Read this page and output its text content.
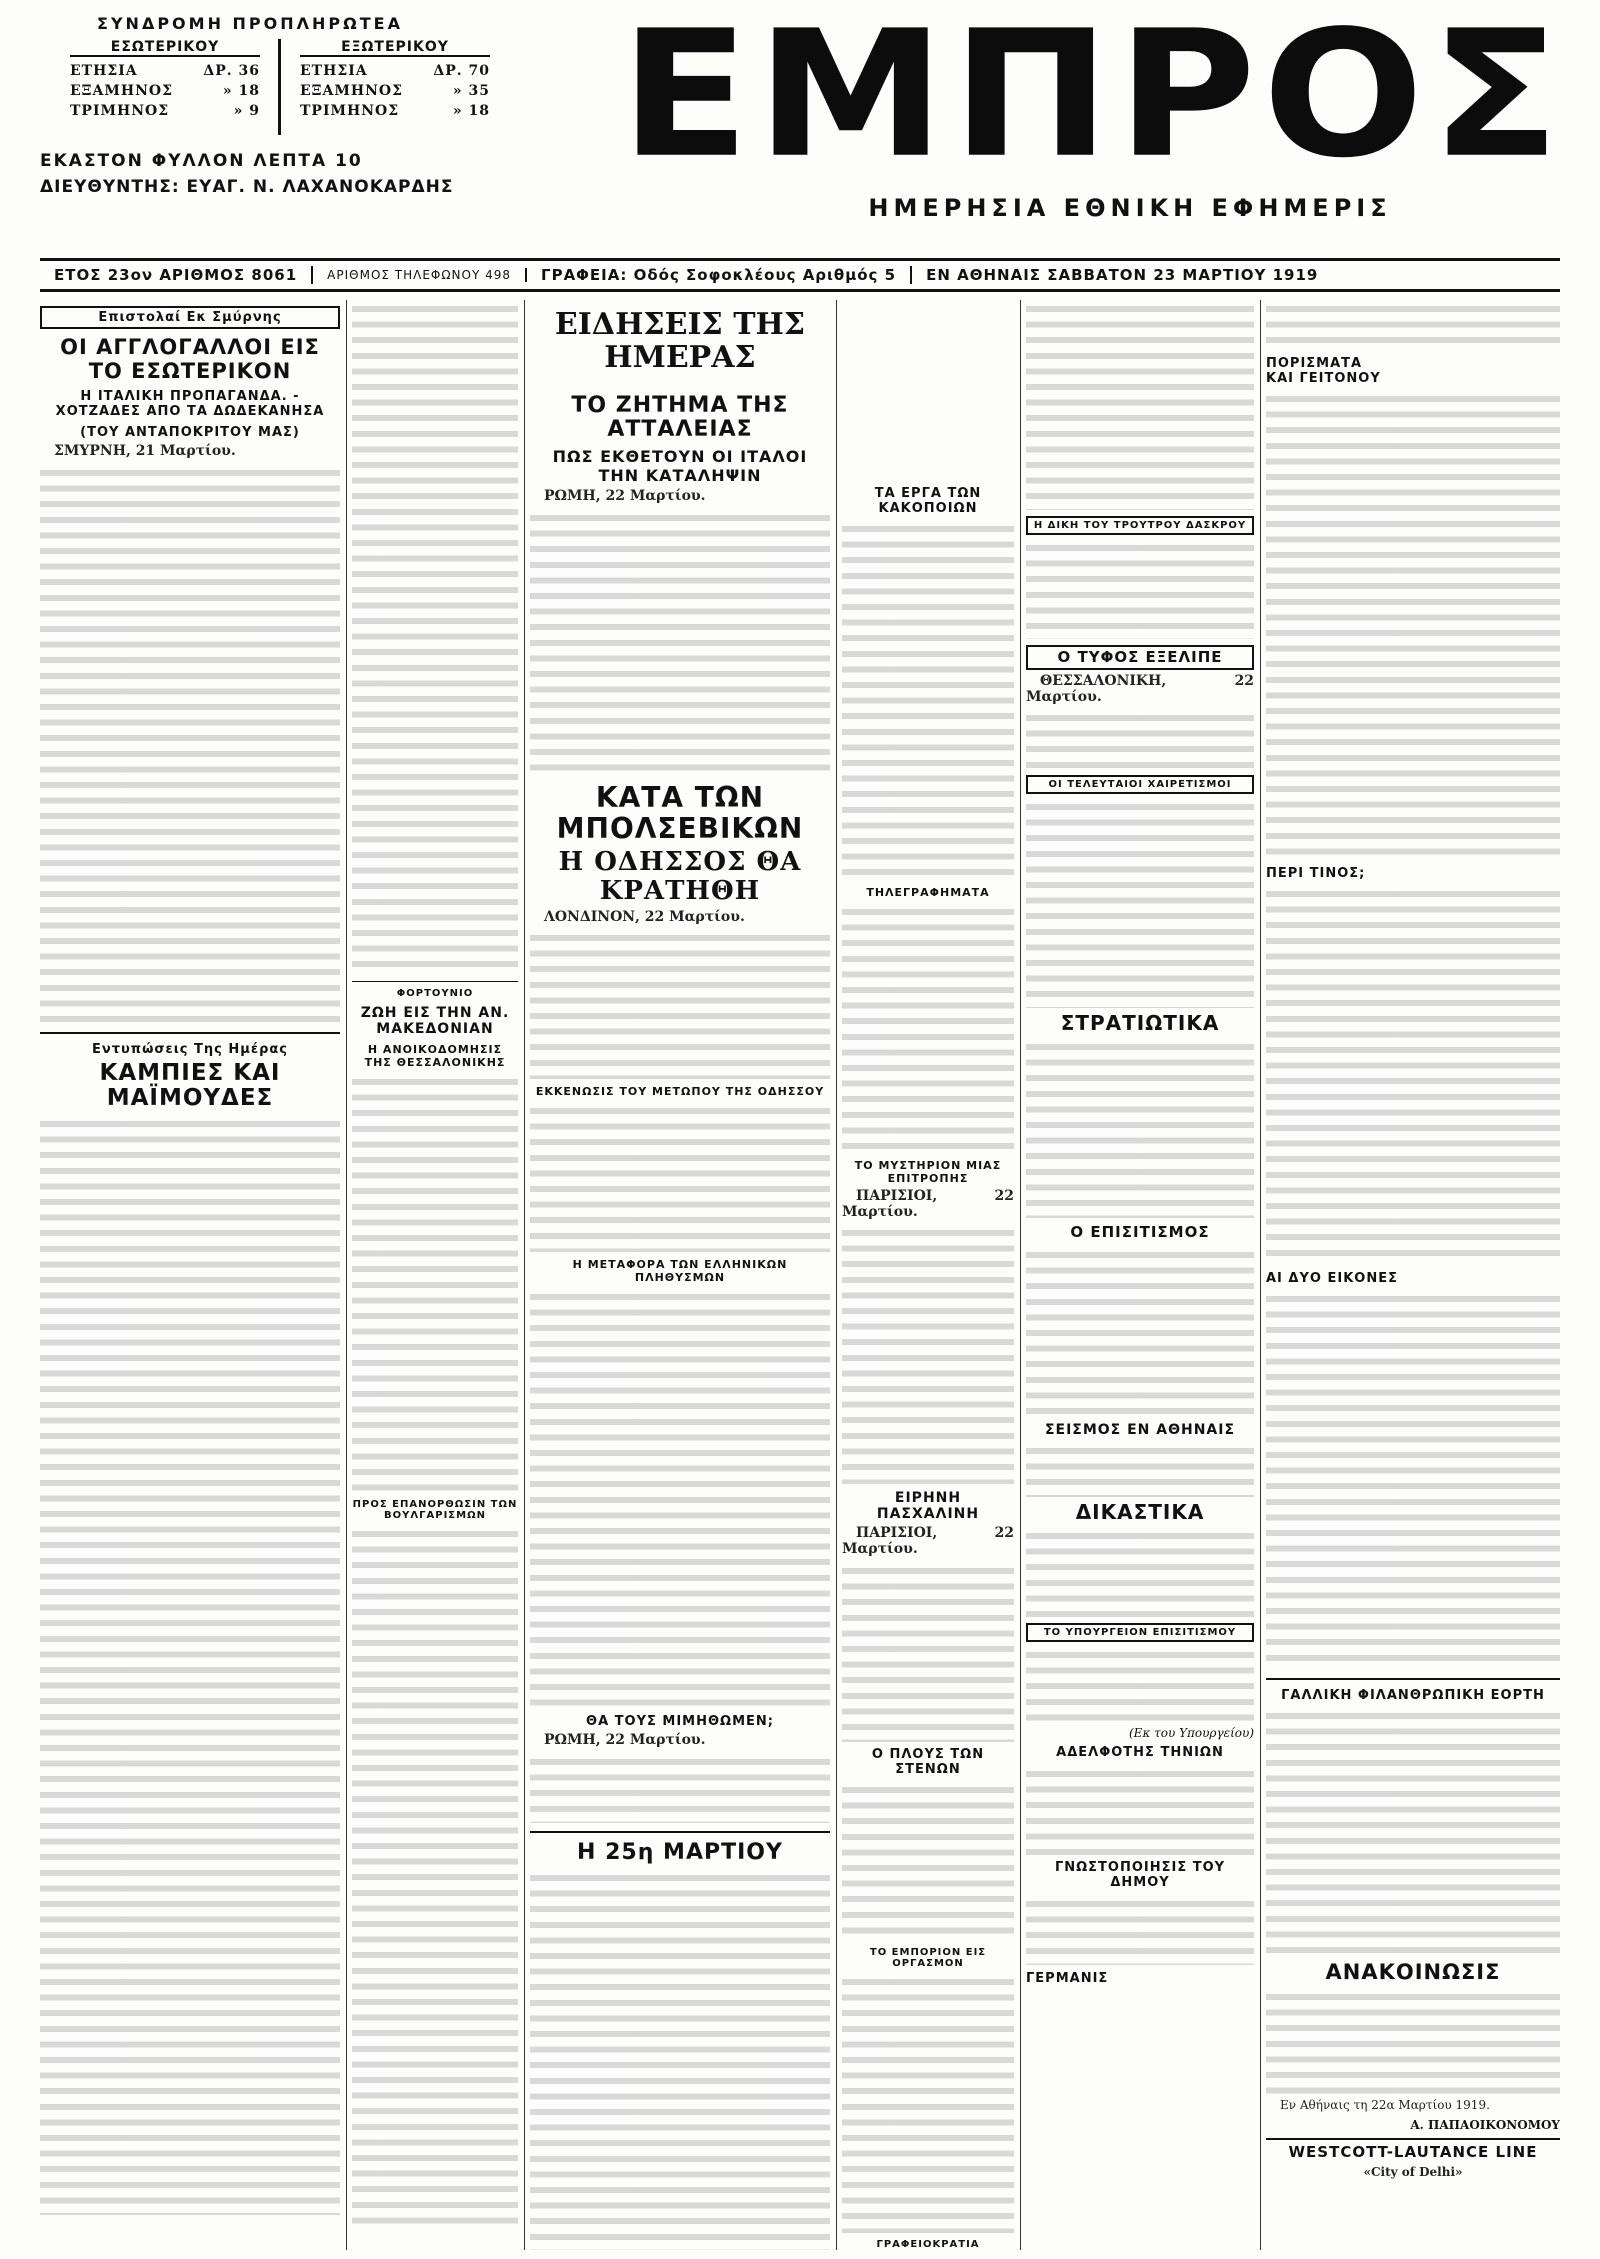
ΣΥΝΔΡΟΜΗ ΠΡΟΠΛΗΡΩΤΕΑ
ΕΣΩΤΕΡΙΚΟΥ
ΕΤΗΣΙΑ	ΔΡ. 36
ΕΞΑΜΗΝΟΣ	» 18
ΤΡΙΜΗΝΟΣ	» 9
ΕΞΩΤΕΡΙΚΟΥ
ΕΤΗΣΙΑ	ΔΡ. 70
ΕΞΑΜΗΝΟΣ	» 35
ΤΡΙΜΗΝΟΣ	» 18
ΕΚΑΣΤΟΝ ΦΥΛΛΟΝ ΛΕΠΤΑ 10
ΔΙΕΥΘΥΝΤΗΣ: ΕΥΑΓ. Ν. ΛΑΧΑΝΟΚΑΡΔΗΣ Ε Μ Π Ρ Ο Σ
ΗΜΕΡΗΣΙΑ ΕΘΝΙΚΗ ΕΦΗΜΕΡΙΣ
ΕΤΟΣ 23ον ΑΡΙΘΜΟΣ 8061	ΑΡΙΘΜΟΣ ΤΗΛΕΦΩΝΟΥ 498	ΓΡΑΦΕΙΑ: Οδός Σοφοκλέους Αριθμός 5	ΕΝ ΑΘΗΝΑΙΣ ΣΑΒΒΑΤΟΝ 23 ΜΑΡΤΙΟΥ 1919
Επιστολαί Εκ Σμύρνης
ΟΙ ΑΓΓΛΟΓΑΛΛΟΙ ΕΙΣ ΤΟ ΕΣΩΤΕΡΙΚΟΝ
Η ΙΤΑΛΙΚΗ ΠΡΟΠΑΓΑΝΔΑ. - ΧΟΤΖΑΔΕΣ ΑΠΟ ΤΑ ΔΩΔΕΚΑΝΗΣΑ
(ΤΟΥ ΑΝΤΑΠΟΚΡΙΤΟΥ ΜΑΣ)

ΣΜΥΡΝΗ, 21 Μαρτίου.

Εντυπώσεις Της Ημέρας
ΚΑΜΠΙΕΣ ΚΑΙ ΜΑΪΜΟΥΔΕΣ
ΦΟΡΤΟΥΝΙΟ
ΖΩΗ ΕΙΣ ΤΗΝ ΑΝ. ΜΑΚΕΔΟΝΙΑΝ
Η ΑΝΟΙΚΟΔΟΜΗΣΙΣ ΤΗΣ ΘΕΣΣΑΛΟΝΙΚΗΣ
ΠΡΟΣ ΕΠΑΝΟΡΘΩΣΙΝ ΤΩΝ ΒΟΥΛΓΑΡΙΣΜΩΝ
ΕΙΔΗΣΕΙΣ ΤΗΣ ΗΜΕΡΑΣ
ΤΟ ΖΗΤΗΜΑ ΤΗΣ ΑΤΤΑΛΕΙΑΣ
ΠΩΣ ΕΚΘΕΤΟΥΝ ΟΙ ΙΤΑΛΟΙ ΤΗΝ ΚΑΤΑΛΗΨΙΝ

ΡΩΜΗ, 22 Μαρτίου.

ΚΑΤΑ ΤΩΝ ΜΠΟΛΣΕΒΙΚΩΝ
Η ΟΔΗΣΣΟΣ ΘΑ ΚΡΑΤΗΘΗ

ΛΟΝΔΙΝΟΝ, 22 Μαρτίου.

ΕΚΚΕΝΩΣΙΣ ΤΟΥ ΜΕΤΩΠΟΥ ΤΗΣ ΟΔΗΣΣΟΥ
Η ΜΕΤΑΦΟΡΑ ΤΩΝ ΕΛΛΗΝΙΚΩΝ ΠΛΗΘΥΣΜΩΝ
ΘΑ ΤΟΥΣ ΜΙΜΗΘΩΜΕΝ;

ΡΩΜΗ, 22 Μαρτίου.

Η 25η ΜΑΡΤΙΟΥ
ΤΑ ΕΡΓΑ ΤΩΝ ΚΑΚΟΠΟΙΩΝ
ΤΗΛΕΓΡΑΦΗΜΑΤΑ
ΤΟ ΜΥΣΤΗΡΙΟΝ ΜΙΑΣ ΕΠΙΤΡΟΠΗΣ

ΠΑΡΙΣΙΟΙ, 22 Μαρτίου.

ΕΙΡΗΝΗ ΠΑΣΧΑΛΙΝΗ

ΠΑΡΙΣΙΟΙ, 22 Μαρτίου.

Ο ΠΛΟΥΣ ΤΩΝ ΣΤΕΝΩΝ
ΤΟ ΕΜΠΟΡΙΟΝ ΕΙΣ ΟΡΓΑΣΜΟΝ
ΓΡΑΦΕΙΟΚΡΑΤΙΑ
Η ΔΙΚΗ ΤΟΥ ΤΡΟΥΤΡΟΥ ΔΑΣΚΡΟΥ
Ο ΤΥΦΟΣ ΕΞΕΛΙΠΕ

ΘΕΣΣΑΛΟΝΙΚΗ, 22 Μαρτίου.

ΟΙ ΤΕΛΕΥΤΑΙΟΙ ΧΑΙΡΕΤΙΣΜΟΙ
ΣΤΡΑΤΙΩΤΙΚΑ
Ο ΕΠΙΣΙΤΙΣΜΟΣ
ΣΕΙΣΜΟΣ ΕΝ ΑΘΗΝΑΙΣ
ΔΙΚΑΣΤΙΚΑ
ΤΟ ΥΠΟΥΡΓΕΙΟΝ ΕΠΙΣΙΤΙΣΜΟΥ
(Εκ του Υπουργείου)
ΑΔΕΛΦΟΤΗΣ ΤΗΝΙΩΝ
ΓΝΩΣΤΟΠΟΙΗΣΙΣ ΤΟΥ ΔΗΜΟΥ
ΓΕΡΜΑΝΙΣ
ΠΟΡΙΣΜΑΤΑ ΚΑΙ ΓΕΙΤΟΝΟΥ
ΠΕΡΙ ΤΙΝΟΣ;
ΑΙ ΔΥΟ ΕΙΚΟΝΕΣ
ΓΑΛΛΙΚΗ ΦΙΛΑΝΘΡΩΠΙΚΗ ΕΟΡΤΗ
ΑΝΑΚΟΙΝΩΣΙΣ

Εν Αθήναις τη 22α Μαρτίου 1919.

Α. ΠΑΠΑΟΙΚΟΝΟΜΟΥ
WESTCOTT-LAUTANCE LINE

«City of Delhi»
